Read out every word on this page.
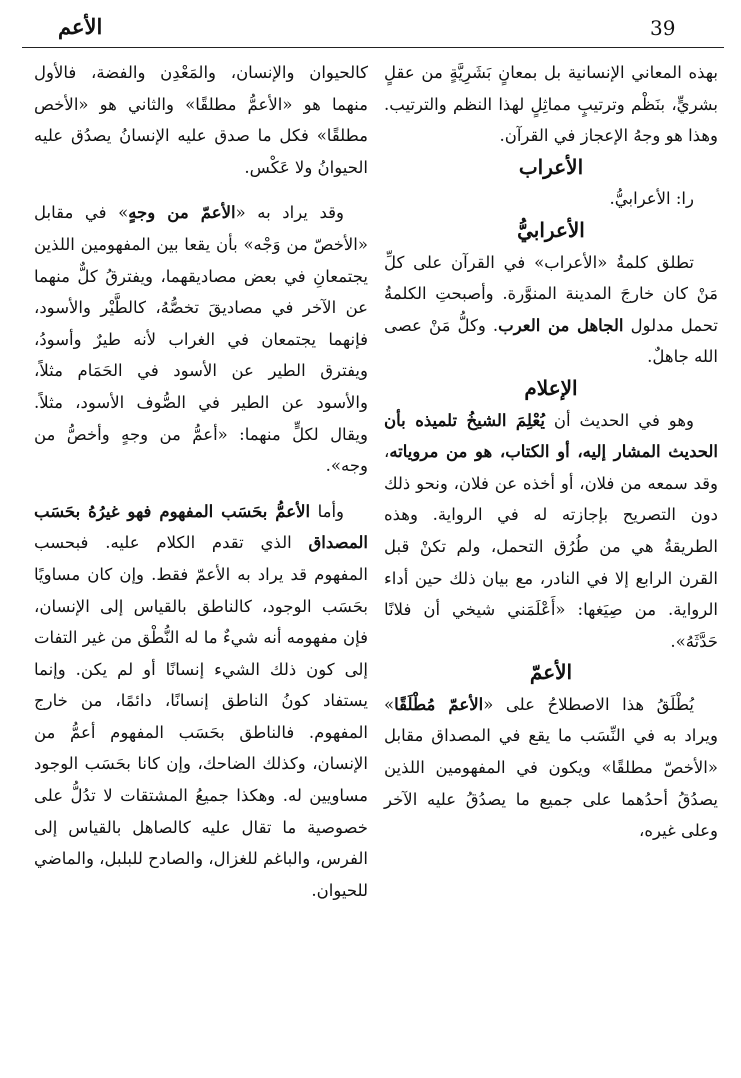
39
الأعم

بهذه المعاني الإنسانية بل بمعانٍ بَشَرِيَّةٍ من عقلٍ بشريٍّ، بنَظْم وترتيبٍ مماثِلٍ لهذا النظم والترتيب. وهذا هو وجهُ الإعجاز في القرآن.

الأعراب

را: الأعرابيُّ.

الأعرابيُّ

تطلق كلمةُ «الأعراب» في القرآن على كلِّ مَنْ كان خارجَ المدينة المنوَّرة. وأصبحتِ الكلمةُ تحمل مدلول الجاهل من العرب. وكلُّ مَنْ عصى الله جاهلٌ.

الإعلام

وهو في الحديث أن يُعْلِمَ الشيخُ تلميذه بأن الحديث المشار إليه، أو الكتاب، هو من مروياته، وقد سمعه من فلان، أو أخذه عن فلان، ونحو ذلك دون التصريح بإجازته له في الرواية. وهذه الطريقةُ هي من طُرُق التحمل، ولم تكنْ قبل القرن الرابع إلا في النادر، مع بيان ذلك حين أداء الرواية. من صِيَغها: «أَعْلَمَني شيخي أن فلانًا حَدَّثَهُ».

الأعمّ

يُطْلَقُ هذا الاصطلاحُ على «الأعمّ مُطْلَقًا» ويراد به في النِّسَب ما يقع في المصداق مقابل «الأخصّ مطلقًا» ويكون في المفهومين اللذين يصدُقُ أحدُهما على جميع ما يصدُقُ عليه الآخر وعلى غيره،

كالحيوان والإنسان، والمَعْدِن والفضة، فالأول منهما هو «الأعمُّ مطلقًا» والثاني هو «الأخص مطلقًا» فكل ما صدق عليه الإنسانُ يصدُق عليه الحيوانُ ولا عَكْس.

وقد يراد به «الأعمّ من وجهٍ» في مقابل «الأخصّ من وَجْه» بأن يقعا بين المفهومين اللذين يجتمعانِ في بعض مصاديقهما، ويفترقُ كلٌّ منهما عن الآخر في مصاديقَ تخصُّهُ، كالطَّيْر والأسود، فإنهما يجتمعان في الغراب لأنه طيرٌ وأسودُ، ويفترق الطير عن الأسود في الحَمَام مثلاً، والأسود عن الطير في الصُّوف الأسود، مثلاً. ويقال لكلٍّ منهما: «أعمُّ من وجهٍ وأخصُّ من وجه».

وأما الأعمُّ بحَسَب المفهوم فهو غيرُهُ بحَسَب المصداق الذي تقدم الكلام عليه. فبحسب المفهوم قد يراد به الأعمّ فقط. وإن كان مساويًا بحَسَب الوجود، كالناطق بالقياس إلى الإنسان، فإن مفهومه أنه شيءٌ ما له النُّطْق من غير التفات إلى كون ذلك الشيء إنسانًا أو لم يكن. وإنما يستفاد كونُ الناطق إنسانًا، دائمًا، من خارج المفهوم. فالناطق بحَسَب المفهوم أعمُّ من الإنسان، وكذلك الضاحك، وإن كانا بحَسَب الوجود مساويين له. وهكذا جميعُ المشتقات لا تدُلُّ على خصوصية ما تقال عليه كالصاهل بالقياس إلى الفرس، والباغم للغزال، والصادح للبلبل، والماضي للحيوان.
